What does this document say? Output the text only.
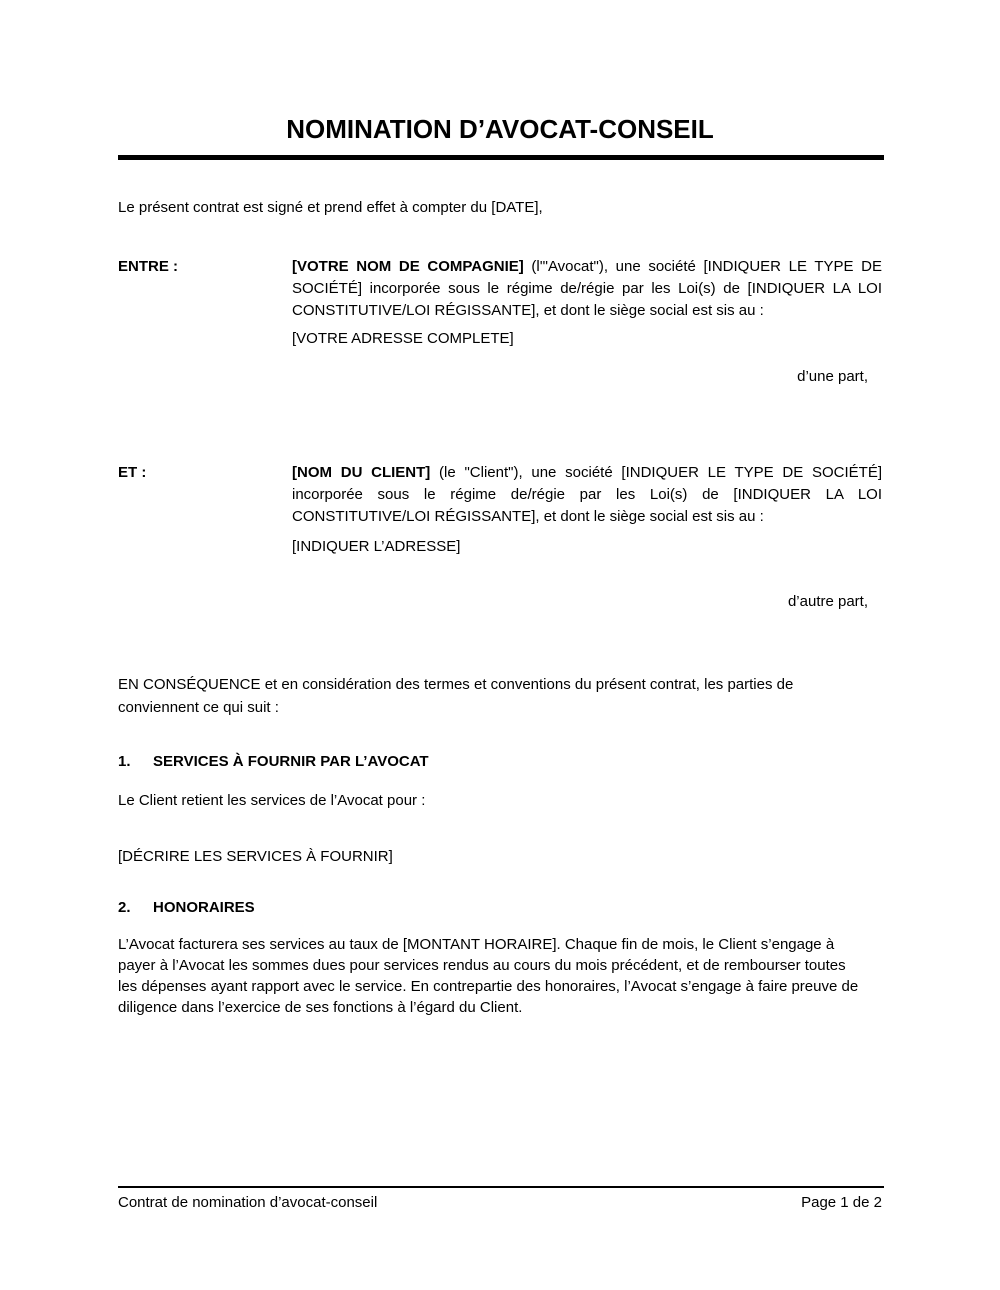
NOMINATION D’AVOCAT-CONSEIL
Le présent contrat est signé et prend effet à compter du [DATE],
ENTRE :	[VOTRE NOM DE COMPAGNIE] (l'"Avocat"), une société [INDIQUER LE TYPE DE SOCIÉTÉ] incorporée sous le régime de/régie par les Loi(s) de [INDIQUER LA LOI CONSTITUTIVE/LOI RÉGISSANTE], et dont le siège social est sis au :
[VOTRE ADRESSE COMPLETE]
d’une part,
ET :	[NOM DU CLIENT] (le "Client"), une société [INDIQUER LE TYPE DE SOCIÉTÉ] incorporée sous le régime de/régie par les Loi(s) de [INDIQUER LA LOI CONSTITUTIVE/LOI RÉGISSANTE], et dont le siège social est sis au :
[INDIQUER L’ADRESSE]
d’autre part,
EN CONSÉQUENCE et en considération des termes et conventions du présent contrat, les parties de conviennent ce qui suit :
1.	SERVICES À FOURNIR PAR L’AVOCAT
Le Client retient les services de l’Avocat pour :
[DÉCRIRE LES SERVICES À FOURNIR]
2.	HONORAIRES
L’Avocat facturera ses services au taux de [MONTANT HORAIRE]. Chaque fin de mois, le Client s’engage à payer à l’Avocat les sommes dues pour services rendus au cours du mois précédent, et de rembourser toutes les dépenses ayant rapport avec le service. En contrepartie des honoraires, l’Avocat s’engage à faire preuve de diligence dans l’exercice de ses fonctions à l’égard du Client.
Contrat de nomination d’avocat-conseil	Page 1 de 2
